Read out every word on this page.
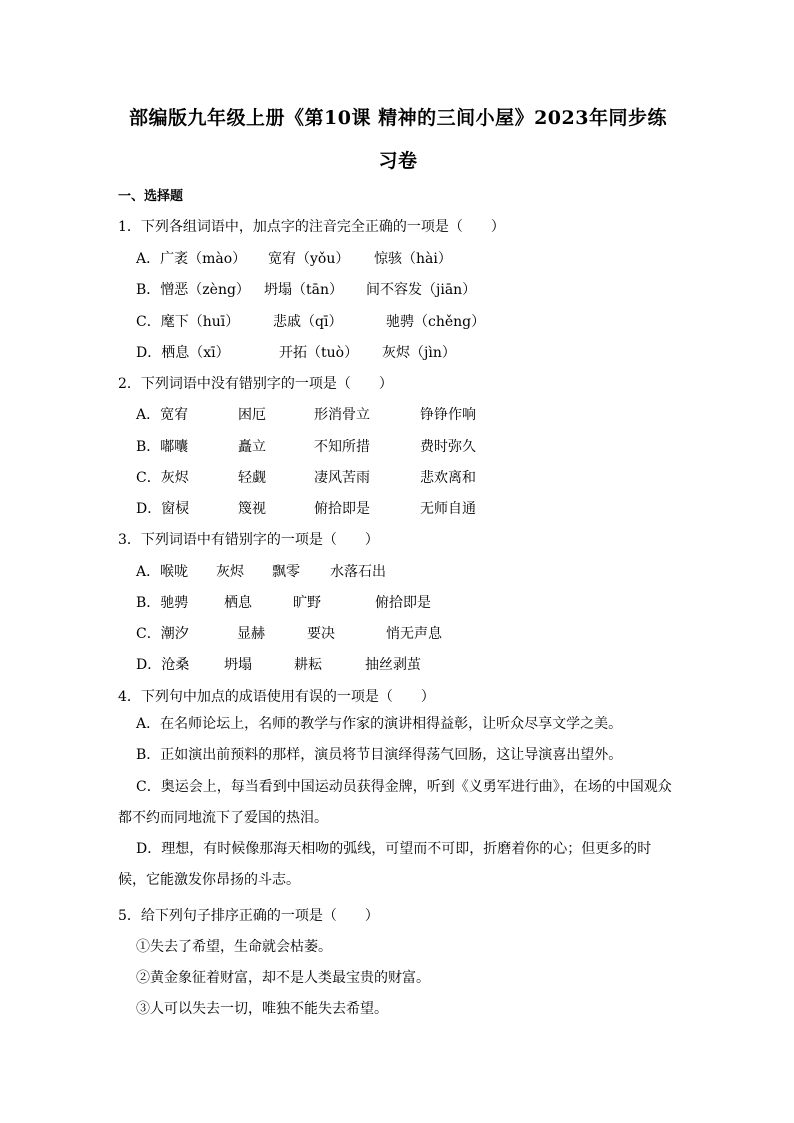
部编版九年级上册《第10课 精神的三间小屋》2023年同步练
习卷
一、选择题
1．下列各组词语中，加点字的注音完全正确的一项是（　　）
A．广袤（mào） 宽宥（yǒu） 惊骇（hài）
B．憎恶（zèng） 坍塌（tān） 间不容发（jiān）
C．麾下（huī） 悲戚（qī）	驰骋（chěng）
D．栖息（xī）	开拓（tuò） 灰烬（jìn）
2．下列词语中没有错别字的一项是（　　）
A．宽宥	困厄	形消骨立	铮铮作响
B．嘟囔	矗立	不知所措	费时弥久
C．灰烬	轻觑	凄风苦雨	悲欢离和
D．窗棂	篾视	俯拾即是	无师自通
3．下列词语中有错别字的一项是（　　）
A．喉咙 灰烬 飘零 水落石出
B．驰骋	栖息	旷野	俯拾即是
C．潮汐	显赫	要决	悄无声息
D．沧桑 坍塌	耕耘	抽丝剥茧
4．下列句中加点的成语使用有误的一项是（　　）
A．在名师论坛上，名师的教学与作家的演讲相得益彰，让听众尽享文学之美。
B．正如演出前预料的那样，演员将节目演绎得荡气回肠，这让导演喜出望外。
C．奥运会上，每当看到中国运动员获得金牌，听到《义勇军进行曲》，在场的中国观众都不约而同地流下了爱国的热泪。
D．理想，有时候像那海天相吻的弧线，可望而不可即，折磨着你的心；但更多的时候，它能激发你昂扬的斗志。
5．给下列句子排序正确的一项是（　　）
①失去了希望，生命就会枯萎。
②黄金象征着财富，却不是人类最宝贵的财富。
③人可以失去一切，唯独不能失去希望。
